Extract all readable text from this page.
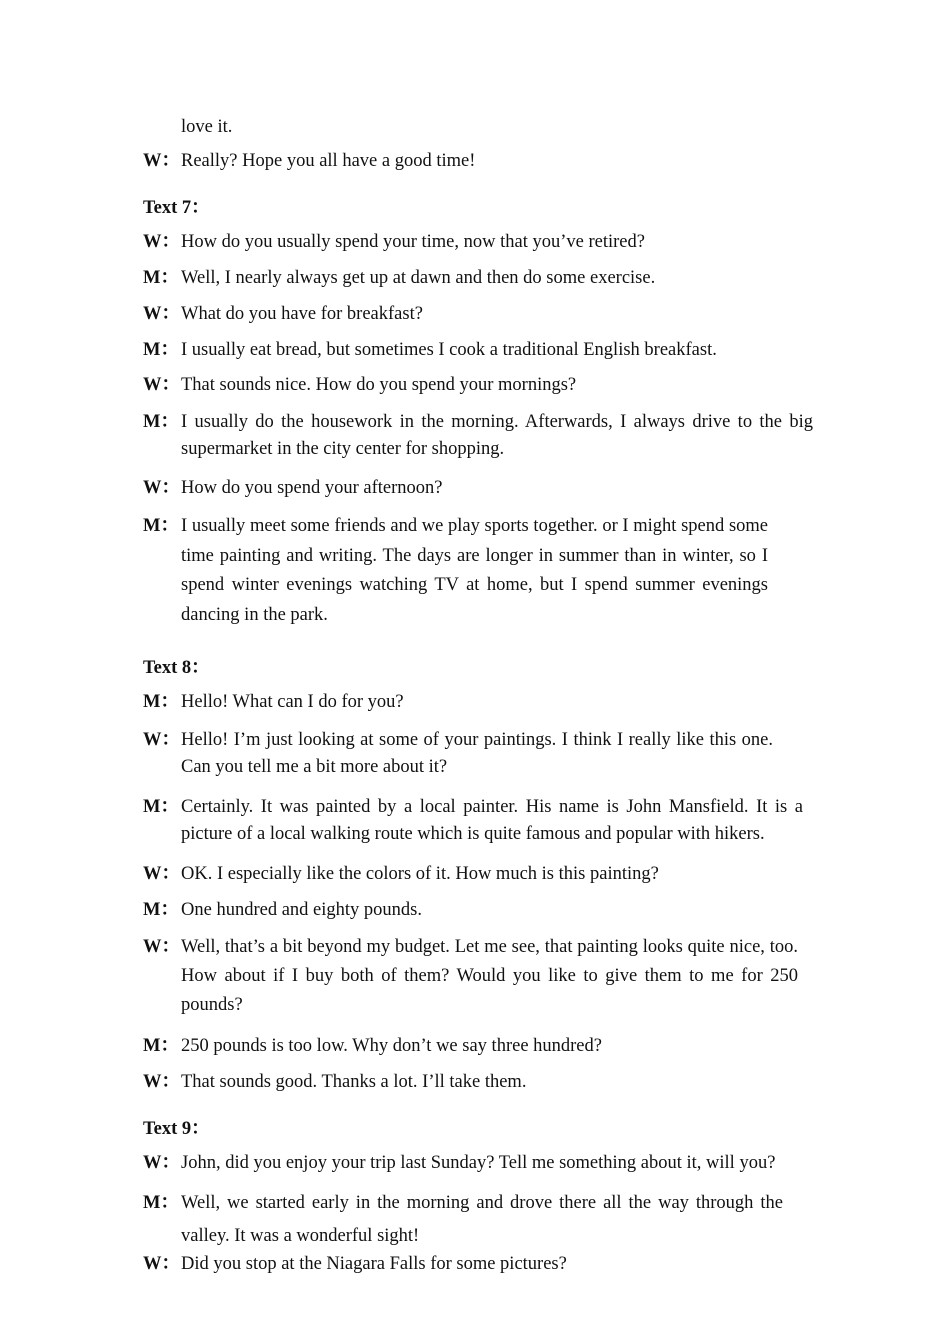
love it.
W： Really? Hope you all have a good time!
Text 7：
W： How do you usually spend your time, now that you’ve retired?
M： Well, I nearly always get up at dawn and then do some exercise.
W： What do you have for breakfast?
M： I usually eat bread, but sometimes I cook a traditional English breakfast.
W： That sounds nice. How do you spend your mornings?
M： I usually do the housework in the morning. Afterwards, I always drive to the big supermarket in the city center for shopping.
W： How do you spend your afternoon?
M： I usually meet some friends and we play sports together. or I might spend some time painting and writing. The days are longer in summer than in winter, so I spend winter evenings watching TV at home, but I spend summer evenings dancing in the park.
Text 8：
M： Hello! What can I do for you?
W： Hello! I’m just looking at some of your paintings. I think I really like this one. Can you tell me a bit more about it?
M： Certainly. It was painted by a local painter. His name is John Mansfield. It is a picture of a local walking route which is quite famous and popular with hikers.
W： OK. I especially like the colors of it. How much is this painting?
M： One hundred and eighty pounds.
W： Well, that’s a bit beyond my budget. Let me see, that painting looks quite nice, too. How about if I buy both of them? Would you like to give them to me for 250 pounds?
M： 250 pounds is too low. Why don’t we say three hundred?
W： That sounds good. Thanks a lot. I’ll take them.
Text 9：
W： John, did you enjoy your trip last Sunday? Tell me something about it, will you?
M： Well, we started early in the morning and drove there all the way through the valley. It was a wonderful sight!
W： Did you stop at the Niagara Falls for some pictures?
